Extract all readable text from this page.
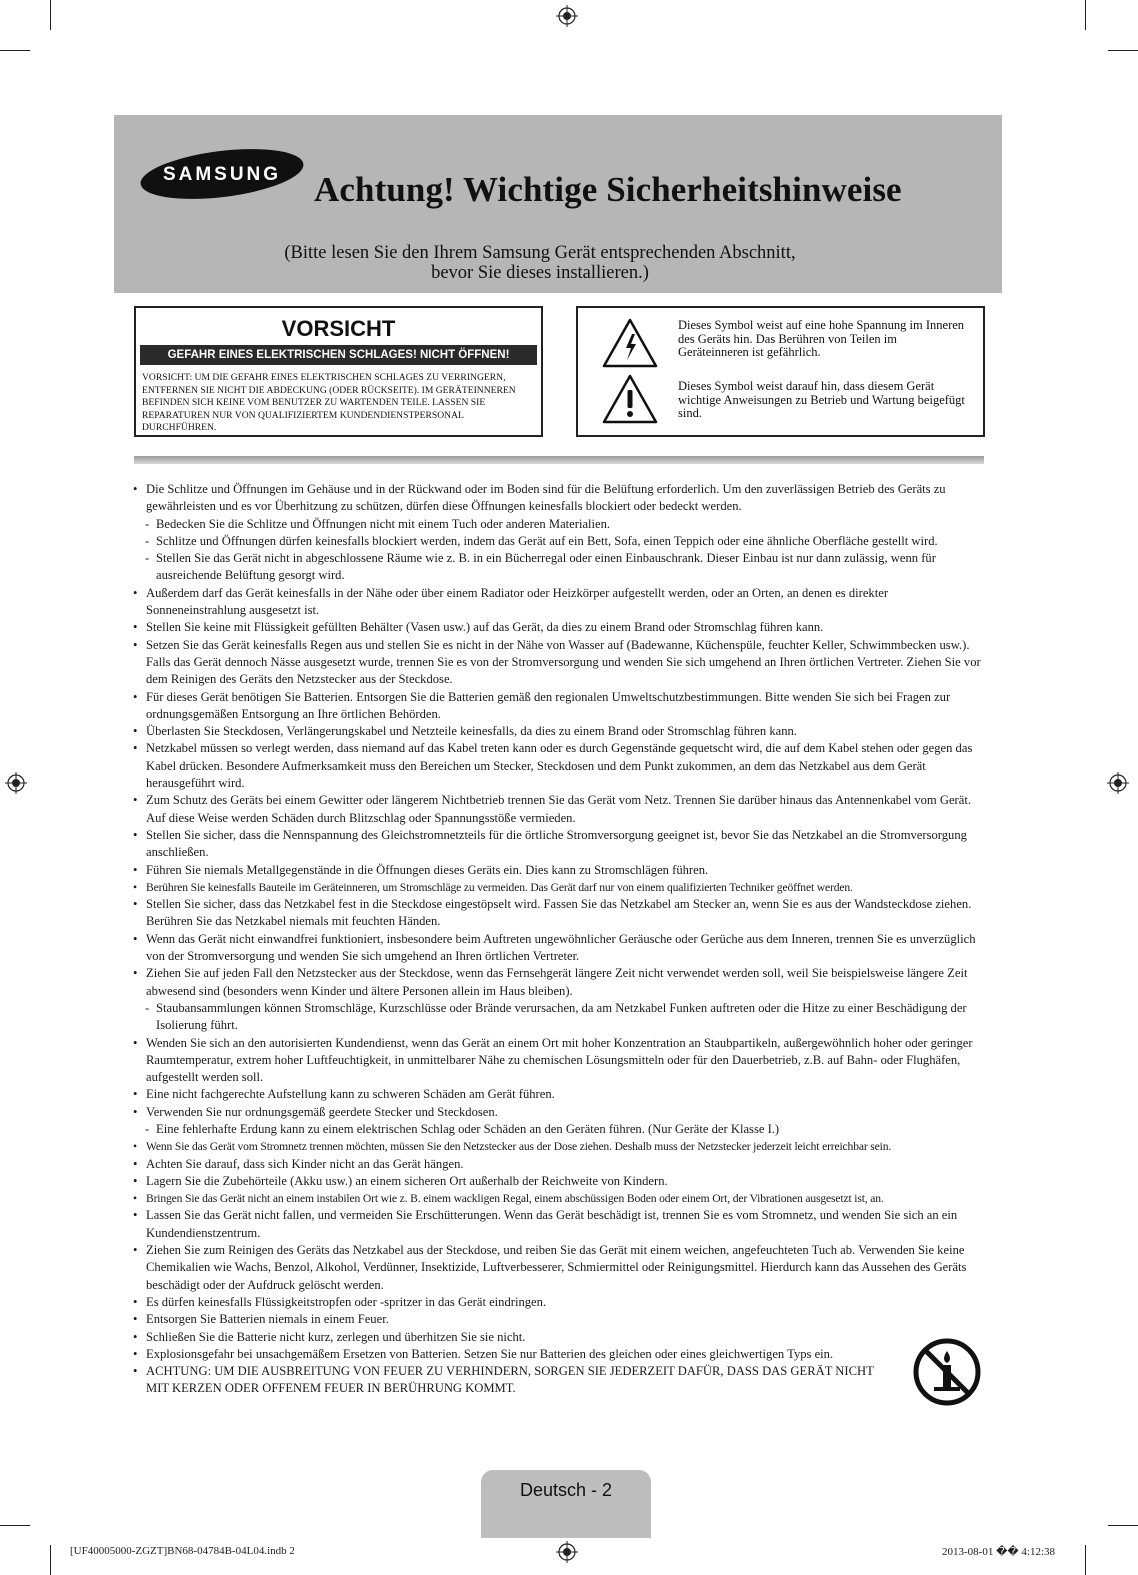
SAMSUNG Achtung! Wichtige Sicherheitshinweise
(Bitte lesen Sie den Ihrem Samsung Gerät entsprechenden Abschnitt,
bevor Sie dieses installieren.)
VORSICHT
GEFAHR EINES ELEKTRISCHEN SCHLAGES! NICHT ÖFFNEN!
VORSICHT: UM DIE GEFAHR EINES ELEKTRISCHEN SCHLAGES ZU VERRINGERN, ENTFERNEN SIE NICHT DIE ABDECKUNG (ODER RÜCKSEITE). IM GERÄTEINNEREN BEFINDEN SICH KEINE VOM BENUTZER ZU WARTENDEN TEILE. LASSEN SIE REPARATUREN NUR VON QUALIFIZIERTEM KUNDENDIENSTPERSONAL DURCHFÜHREN.
Dieses Symbol weist auf eine hohe Spannung im Inneren des Geräts hin. Das Berühren von Teilen im Geräteinneren ist gefährlich.
Dieses Symbol weist darauf hin, dass diesem Gerät wichtige Anweisungen zu Betrieb und Wartung beigefügt sind.
• Die Schlitze und Öffnungen im Gehäuse und in der Rückwand oder im Boden sind für die Belüftung erforderlich. Um den zuverlässigen Betrieb des Geräts zu gewährleisten und es vor Überhitzung zu schützen, dürfen diese Öffnungen keinesfalls blockiert oder bedeckt werden.
- Bedecken Sie die Schlitze und Öffnungen nicht mit einem Tuch oder anderen Materialien.
- Schlitze und Öffnungen dürfen keinesfalls blockiert werden, indem das Gerät auf ein Bett, Sofa, einen Teppich oder eine ähnliche Oberfläche gestellt wird.
- Stellen Sie das Gerät nicht in abgeschlossene Räume wie z. B. in ein Bücherregal oder einen Einbauschrank. Dieser Einbau ist nur dann zulässig, wenn für ausreichende Belüftung gesorgt wird.
• Außerdem darf das Gerät keinesfalls in der Nähe oder über einem Radiator oder Heizkörper aufgestellt werden, oder an Orten, an denen es direkter Sonneneinstrahlung ausgesetzt ist.
• Stellen Sie keine mit Flüssigkeit gefüllten Behälter (Vasen usw.) auf das Gerät, da dies zu einem Brand oder Stromschlag führen kann.
• Setzen Sie das Gerät keinesfalls Regen aus und stellen Sie es nicht in der Nähe von Wasser auf (Badewanne, Küchenspüle, feuchter Keller, Schwimmbecken usw.). Falls das Gerät dennoch Nässe ausgesetzt wurde, trennen Sie es von der Stromversorgung und wenden Sie sich umgehend an Ihren örtlichen Vertreter. Ziehen Sie vor dem Reinigen des Geräts den Netzstecker aus der Steckdose.
• Für dieses Gerät benötigen Sie Batterien. Entsorgen Sie die Batterien gemäß den regionalen Umweltschutzbestimmungen. Bitte wenden Sie sich bei Fragen zur ordnungsgemäßen Entsorgung an Ihre örtlichen Behörden.
• Überlasten Sie Steckdosen, Verlängerungskabel und Netzteile keinesfalls, da dies zu einem Brand oder Stromschlag führen kann.
• Netzkabel müssen so verlegt werden, dass niemand auf das Kabel treten kann oder es durch Gegenstände gequetscht wird, die auf dem Kabel stehen oder gegen das Kabel drücken. Besondere Aufmerksamkeit muss den Bereichen um Stecker, Steckdosen und dem Punkt zukommen, an dem das Netzkabel aus dem Gerät herausgeführt wird.
• Zum Schutz des Geräts bei einem Gewitter oder längerem Nichtbetrieb trennen Sie das Gerät vom Netz. Trennen Sie darüber hinaus das Antennenkabel vom Gerät. Auf diese Weise werden Schäden durch Blitzschlag oder Spannungsstöße vermieden.
• Stellen Sie sicher, dass die Nennspannung des Gleichstromnetzteils für die örtliche Stromversorgung geeignet ist, bevor Sie das Netzkabel an die Stromversorgung anschließen.
• Führen Sie niemals Metallgegenstände in die Öffnungen dieses Geräts ein. Dies kann zu Stromschlägen führen.
• Berühren Sie keinesfalls Bauteile im Geräteinneren, um Stromschläge zu vermeiden. Das Gerät darf nur von einem qualifizierten Techniker geöffnet werden.
• Stellen Sie sicher, dass das Netzkabel fest in die Steckdose eingestöpselt wird. Fassen Sie das Netzkabel am Stecker an, wenn Sie es aus der Wandsteckdose ziehen. Berühren Sie das Netzkabel niemals mit feuchten Händen.
• Wenn das Gerät nicht einwandfrei funktioniert, insbesondere beim Auftreten ungewöhnlicher Geräusche oder Gerüche aus dem Inneren, trennen Sie es unverzüglich von der Stromversorgung und wenden Sie sich umgehend an Ihren örtlichen Vertreter.
• Ziehen Sie auf jeden Fall den Netzstecker aus der Steckdose, wenn das Fernsehgerät längere Zeit nicht verwendet werden soll, weil Sie beispielsweise längere Zeit abwesend sind (besonders wenn Kinder und ältere Personen allein im Haus bleiben).
- Staubansammlungen können Stromschläge, Kurzschlüsse oder Brände verursachen, da am Netzkabel Funken auftreten oder die Hitze zu einer Beschädigung der Isolierung führt.
• Wenden Sie sich an den autorisierten Kundendienst, wenn das Gerät an einem Ort mit hoher Konzentration an Staubpartikeln, außergewöhnlich hoher oder geringer Raumtemperatur, extrem hoher Luftfeuchtigkeit, in unmittelbarer Nähe zu chemischen Lösungsmitteln oder für den Dauerbetrieb, z.B. auf Bahn- oder Flughäfen, aufgestellt werden soll.
• Eine nicht fachgerechte Aufstellung kann zu schweren Schäden am Gerät führen.
• Verwenden Sie nur ordnungsgemäß geerdete Stecker und Steckdosen.
- Eine fehlerhafte Erdung kann zu einem elektrischen Schlag oder Schäden an den Geräten führen. (Nur Geräte der Klasse I.)
• Wenn Sie das Gerät vom Stromnetz trennen möchten, müssen Sie den Netzstecker aus der Dose ziehen. Deshalb muss der Netzstecker jederzeit leicht erreichbar sein.
• Achten Sie darauf, dass sich Kinder nicht an das Gerät hängen.
• Lagern Sie die Zubehörteile (Akku usw.) an einem sicheren Ort außerhalb der Reichweite von Kindern.
• Bringen Sie das Gerät nicht an einem instabilen Ort wie z. B. einem wackligen Regal, einem abschüssigen Boden oder einem Ort, der Vibrationen ausgesetzt ist, an.
• Lassen Sie das Gerät nicht fallen, und vermeiden Sie Erschütterungen. Wenn das Gerät beschädigt ist, trennen Sie es vom Stromnetz, und wenden Sie sich an ein Kundendienstzentrum.
• Ziehen Sie zum Reinigen des Geräts das Netzkabel aus der Steckdose, und reiben Sie das Gerät mit einem weichen, angefeuchteten Tuch ab. Verwenden Sie keine Chemikalien wie Wachs, Benzol, Alkohol, Verdünner, Insektizide, Luftverbesserer, Schmiermittel oder Reinigungsmittel. Hierdurch kann das Aussehen des Geräts beschädigt oder der Aufdruck gelöscht werden.
• Es dürfen keinesfalls Flüssigkeitstropfen oder -spritzer in das Gerät eindringen.
• Entsorgen Sie Batterien niemals in einem Feuer.
• Schließen Sie die Batterie nicht kurz, zerlegen und überhitzen Sie sie nicht.
• Explosionsgefahr bei unsachgemäßem Ersetzen von Batterien. Setzen Sie nur Batterien des gleichen oder eines gleichwertigen Typs ein.
• ACHTUNG: UM DIE AUSBREITUNG VON FEUER ZU VERHINDERN, SORGEN SIE JEDERZEIT DAFÜR, DASS DAS GERÄT NICHT MIT KERZEN ODER OFFENEM FEUER IN BERÜHRUNG KOMMT.
Deutsch - 2
[UF40005000-ZGZT]BN68-04784B-04L04.indb 2	2013-08-01 �� 4:12:38
